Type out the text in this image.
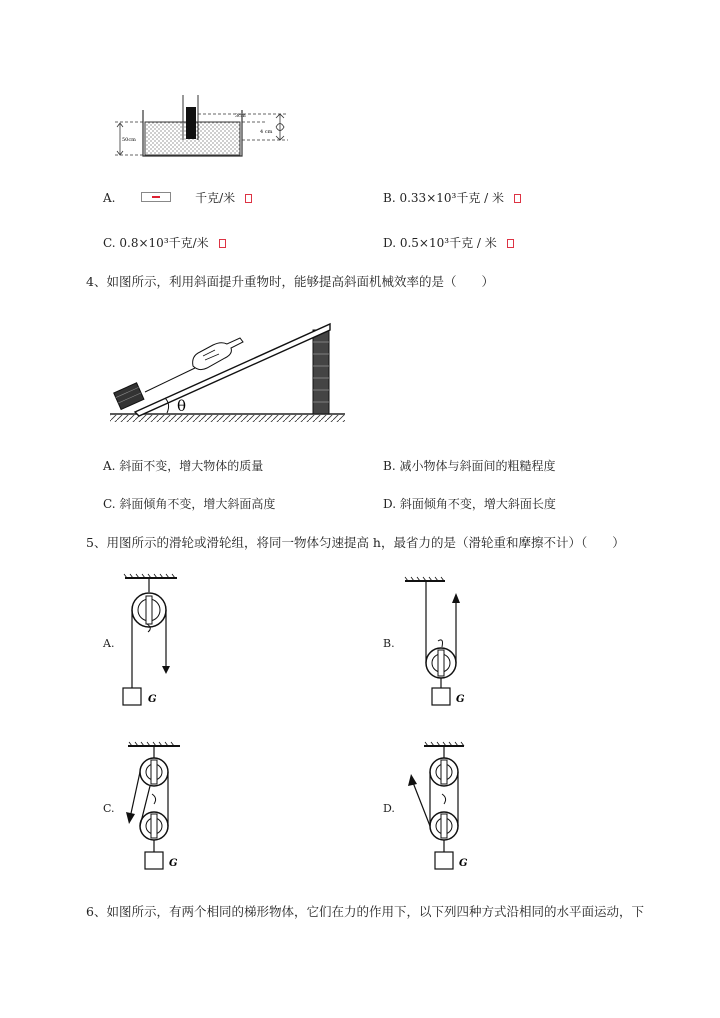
3cm
4 cm
50cm
A.	千克/米	B. 0.33×10³千克 / 米
C. 0.8×10³千克/米	D. 0.5×10³千克 / 米
4、如图所示，利用斜面提升重物时，能够提高斜面机械效率的是（　　）
θ
A. 斜面不变，增大物体的质量	B. 减小物体与斜面间的粗糙程度
C. 斜面倾角不变，增大斜面高度	D. 斜面倾角不变，增大斜面长度
5、用图所示的滑轮或滑轮组，将同一物体匀速提高 h，最省力的是（滑轮重和摩擦不计）（　　）
A.
G
B.
G
C.
G
D.
G
6、如图所示，有两个相同的梯形物体，它们在力的作用下，以下列四种方式沿相同的水平面运动，下
